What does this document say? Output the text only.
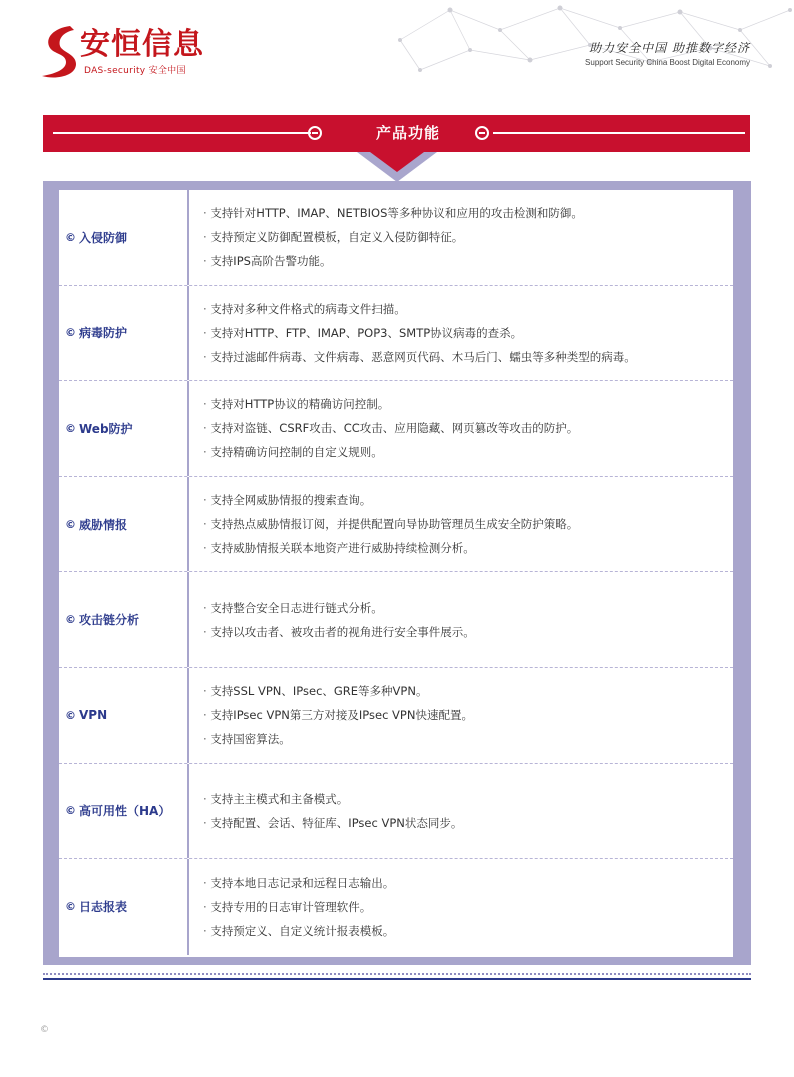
安恒信息
DAS-security 安全中国
助力安全中国 助推数字经济
Support Security China Boost Digital Economy
产品功能
© 入侵防御
· 支持针对HTTP、IMAP、NETBIOS等多种协议和应用的攻击检测和防御。
· 支持预定义防御配置模板，自定义入侵防御特征。
· 支持IPS高阶告警功能。
© 病毒防护
· 支持对多种文件格式的病毒文件扫描。
· 支持对HTTP、FTP、IMAP、POP3、SMTP协议病毒的查杀。
· 支持过滤邮件病毒、文件病毒、恶意网页代码、木马后门、蠕虫等多种类型的病毒。
© Web防护
· 支持对HTTP协议的精确访问控制。
· 支持对盗链、CSRF攻击、CC攻击、应用隐藏、网页篡改等攻击的防护。
· 支持精确访问控制的自定义规则。
© 威胁情报
· 支持全网威胁情报的搜索查询。
· 支持热点威胁情报订阅，并提供配置向导协助管理员生成安全防护策略。
· 支持威胁情报关联本地资产进行威胁持续检测分析。
© 攻击链分析
· 支持整合安全日志进行链式分析。
· 支持以攻击者、被攻击者的视角进行安全事件展示。
© VPN
· 支持SSL VPN、IPsec、GRE等多种VPN。
· 支持IPsec VPN第三方对接及IPsec VPN快速配置。
· 支持国密算法。
© 高可用性（HA）
· 支持主主模式和主备模式。
· 支持配置、会话、特征库、IPsec VPN状态同步。
© 日志报表
· 支持本地日志记录和远程日志输出。
· 支持专用的日志审计管理软件。
· 支持预定义、自定义统计报表模板。
©
